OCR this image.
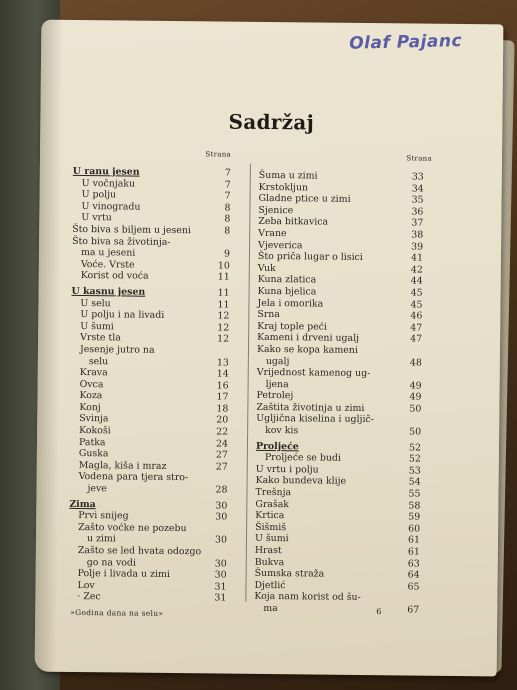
Olaf Pajanc
Sadržaj
Strana
U ranu jesen	7
U vočnjaku	7
U polju	7
U vinogradu	8
U vrtu	8
Što biva s biljem u jeseni	8
Što biva sa životinja-
ma u jeseni	9
Voće. Vrste	10
Korist od voća	11
U kasnu jesen	11
U selu	11
U polju i na livadi	12
U šumi	12
Vrste tla	12
Jesenje jutro na
selu	13
Krava	14
Ovca	16
Koza	17
Konj	18
Svinja	20
Kokoši	22
Patka	24
Guska	27
Magla, kiša i mraz	27
Vodena para tjera stro-
jeve	28
Zima	30
Prvi snijeg	30
Zašto voćke ne pozebu
u zimi	30
Zašto se led hvata odozgo
go na vodi	30
Polje i livada u zimi	30
Lov	31
· Zec	31
Strana
Šuma u zimi	33
Krstokljun	34
Gladne ptice u zimi	35
Sjenice	36
Zeba bitkavica	37
Vrane	38
Vjeverica	39
Što priča lugar o lisici	41
Vuk	42
Kuna zlatica	44
Kuna bjelica	45
Jela i omorika	45
Srna	46
Kraj tople peći	47
Kameni i drveni ugalj	47
Kako se kopa kameni
ugalj	48
Vrijednost kamenog ug-
ljena	49
Petrolej	49
Zaštita životinja u zimi	50
Ugljična kiselina i ugljič-
kov kis	50
Proljeće	52
Proljeće se budi	52
U vrtu i polju	53
Kako bundeva klije	54
Trešnja	55
Grašak	58
Krtica	59
Šišmiš	60
U šumi	61
Hrast	61
Bukva	63
Šumska straža	64
Djetlić	65
Koja nam korist od šu-
ma	67
»Godina dana na selu»	6
